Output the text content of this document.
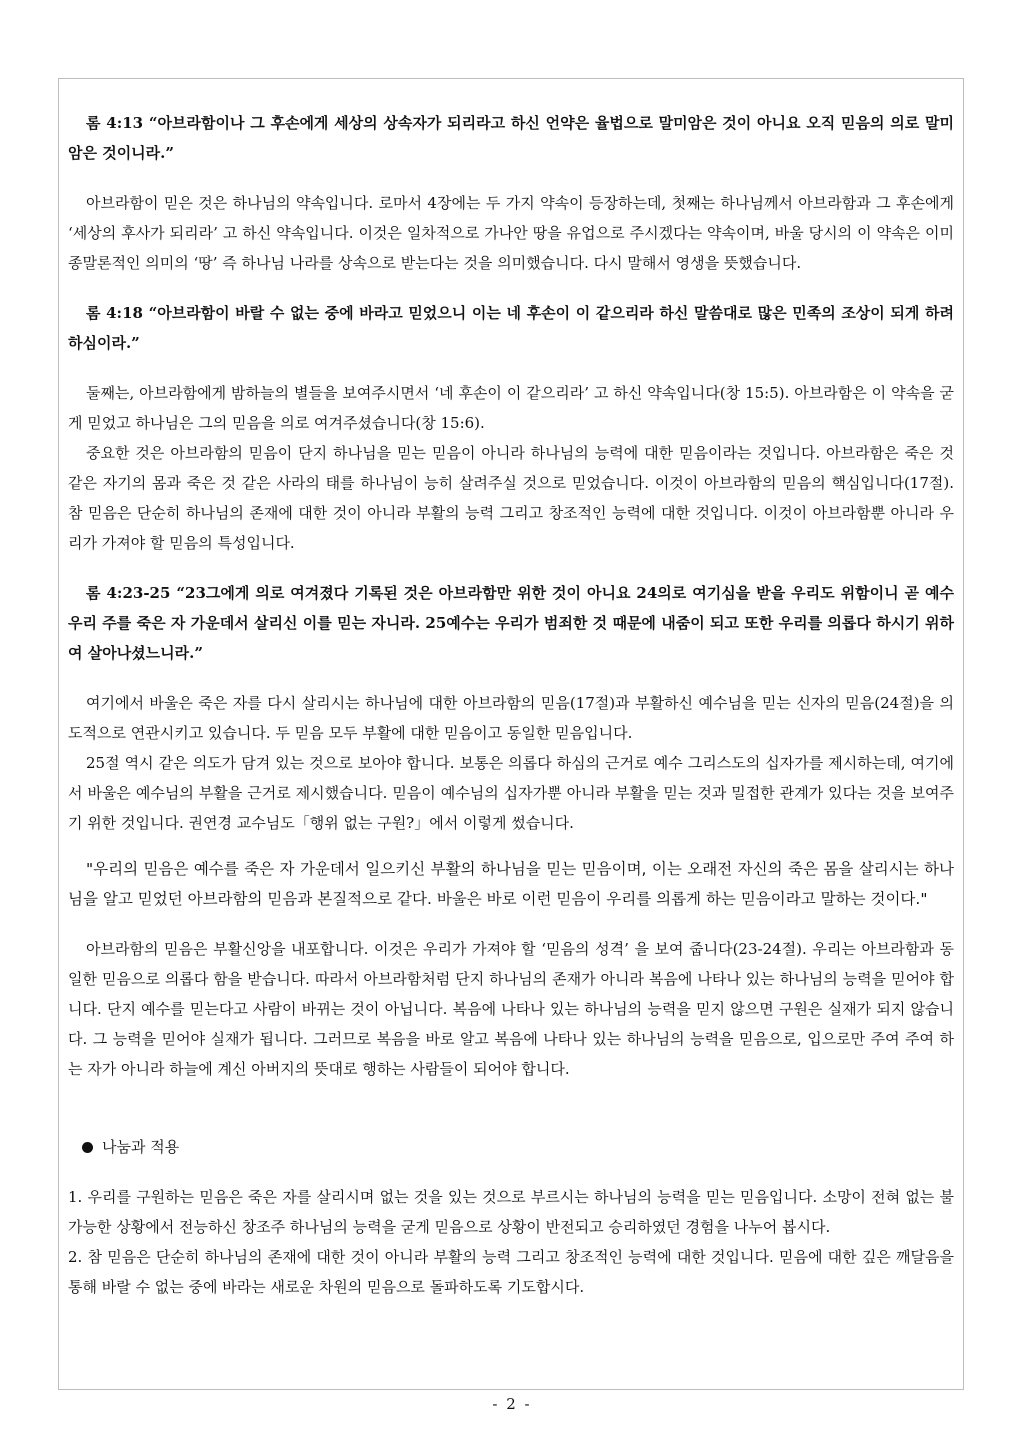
롬 4:13 “아브라함이나 그 후손에게 세상의 상속자가 되리라고 하신 언약은 율법으로 말미암은 것이 아니요 오직 믿음의 의로 말미암은 것이니라.”

아브라함이 믿은 것은 하나님의 약속입니다. 로마서 4장에는 두 가지 약속이 등장하는데, 첫째는 하나님께서 아브라함과 그 후손에게 ‘세상의 후사가 되리라’ 고 하신 약속입니다. 이것은 일차적으로 가나안 땅을 유업으로 주시겠다는 약속이며, 바울 당시의 이 약속은 이미 종말론적인 의미의 ‘땅’ 즉 하나님 나라를 상속으로 받는다는 것을 의미했습니다. 다시 말해서 영생을 뜻했습니다.

롬 4:18 “아브라함이 바랄 수 없는 중에 바라고 믿었으니 이는 네 후손이 이 같으리라 하신 말씀대로 많은 민족의 조상이 되게 하려 하심이라.”

둘째는, 아브라함에게 밤하늘의 별들을 보여주시면서 ‘네 후손이 이 같으리라’ 고 하신 약속입니다(창 15:5). 아브라함은 이 약속을 굳게 믿었고 하나님은 그의 믿음을 의로 여겨주셨습니다(창 15:6).

중요한 것은 아브라함의 믿음이 단지 하나님을 믿는 믿음이 아니라 하나님의 능력에 대한 믿음이라는 것입니다. 아브라함은 죽은 것 같은 자기의 몸과 죽은 것 같은 사라의 태를 하나님이 능히 살려주실 것으로 믿었습니다. 이것이 아브라함의 믿음의 핵심입니다(17절). 참 믿음은 단순히 하나님의 존재에 대한 것이 아니라 부활의 능력 그리고 창조적인 능력에 대한 것입니다. 이것이 아브라함뿐 아니라 우리가 가져야 할 믿음의 특성입니다.

롬 4:23-25 “23그에게 의로 여겨졌다 기록된 것은 아브라함만 위한 것이 아니요 24의로 여기심을 받을 우리도 위함이니 곧 예수 우리 주를 죽은 자 가운데서 살리신 이를 믿는 자니라. 25예수는 우리가 범죄한 것 때문에 내줌이 되고 또한 우리를 의롭다 하시기 위하여 살아나셨느니라.”

여기에서 바울은 죽은 자를 다시 살리시는 하나님에 대한 아브라함의 믿음(17절)과 부활하신 예수님을 믿는 신자의 믿음(24절)을 의도적으로 연관시키고 있습니다. 두 믿음 모두 부활에 대한 믿음이고 동일한 믿음입니다.

25절 역시 같은 의도가 담겨 있는 것으로 보아야 합니다. 보통은 의롭다 하심의 근거로 예수 그리스도의 십자가를 제시하는데, 여기에서 바울은 예수님의 부활을 근거로 제시했습니다. 믿음이 예수님의 십자가뿐 아니라 부활을 믿는 것과 밀접한 관계가 있다는 것을 보여주기 위한 것입니다. 권연경 교수님도「행위 없는 구원?」에서 이렇게 썼습니다.

"우리의 믿음은 예수를 죽은 자 가운데서 일으키신 부활의 하나님을 믿는 믿음이며, 이는 오래전 자신의 죽은 몸을 살리시는 하나님을 알고 믿었던 아브라함의 믿음과 본질적으로 같다. 바울은 바로 이런 믿음이 우리를 의롭게 하는 믿음이라고 말하는 것이다."

아브라함의 믿음은 부활신앙을 내포합니다. 이것은 우리가 가져야 할 ‘믿음의 성격’ 을 보여 줍니다(23-24절). 우리는 아브라함과 동일한 믿음으로 의롭다 함을 받습니다. 따라서 아브라함처럼 단지 하나님의 존재가 아니라 복음에 나타나 있는 하나님의 능력을 믿어야 합니다. 단지 예수를 믿는다고 사람이 바뀌는 것이 아닙니다. 복음에 나타나 있는 하나님의 능력을 믿지 않으면 구원은 실재가 되지 않습니다. 그 능력을 믿어야 실재가 됩니다. 그러므로 복음을 바로 알고 복음에 나타나 있는 하나님의 능력을 믿음으로, 입으로만 주여 주여 하는 자가 아니라 하늘에 계신 아버지의 뜻대로 행하는 사람들이 되어야 합니다.

나눔과 적용

1. 우리를 구원하는 믿음은 죽은 자를 살리시며 없는 것을 있는 것으로 부르시는 하나님의 능력을 믿는 믿음입니다. 소망이 전혀 없는 불가능한 상황에서 전능하신 창조주 하나님의 능력을 굳게 믿음으로 상황이 반전되고 승리하였던 경험을 나누어 봅시다.

2. 참 믿음은 단순히 하나님의 존재에 대한 것이 아니라 부활의 능력 그리고 창조적인 능력에 대한 것입니다. 믿음에 대한 깊은 깨달음을 통해 바랄 수 없는 중에 바라는 새로운 차원의 믿음으로 돌파하도록 기도합시다.

- 2 -
